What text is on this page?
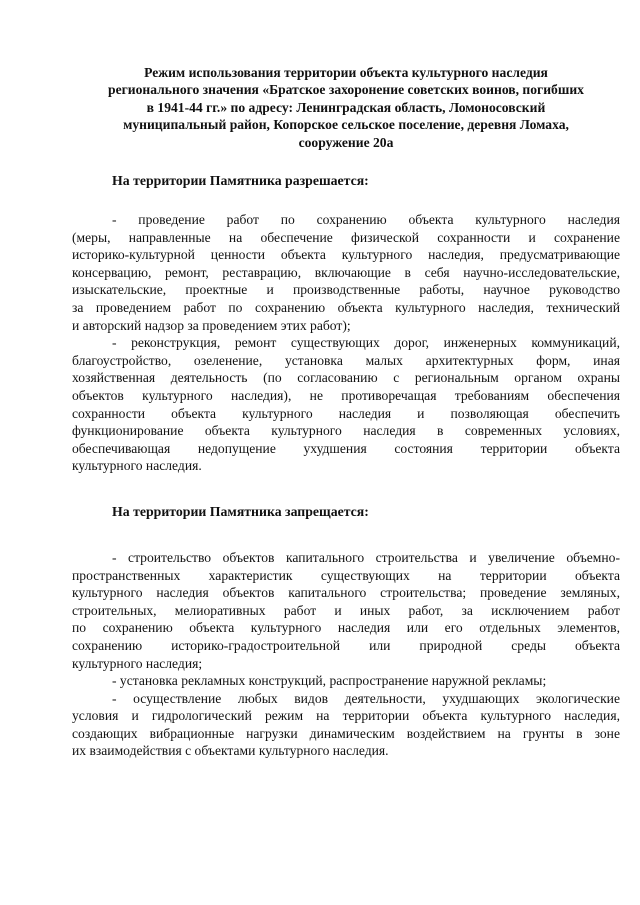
Режим использования территории объекта культурного наследия
регионального значения «Братское захоронение советских воинов, погибших
в 1941-44 гг.» по адресу: Ленинградская область, Ломоносовский
муниципальный район, Копорское сельское поселение, деревня Ломаха,
сооружение 20а
На территории Памятника разрешается:
- проведение работ по сохранению объекта культурного наследия
(меры, направленные на обеспечение физической сохранности и сохранение
историко-культурной ценности объекта культурного наследия, предусматривающие
консервацию, ремонт, реставрацию, включающие в себя научно-исследовательские,
изыскательские, проектные и производственные работы, научное руководство
за проведением работ по сохранению объекта культурного наследия, технический
и авторский надзор за проведением этих работ);
- реконструкция, ремонт существующих дорог, инженерных коммуникаций,
благоустройство, озеленение, установка малых архитектурных форм, иная
хозяйственная деятельность (по согласованию с региональным органом охраны
объектов культурного наследия), не противоречащая требованиям обеспечения
сохранности объекта культурного наследия и позволяющая обеспечить
функционирование объекта культурного наследия в современных условиях,
обеспечивающая недопущение ухудшения состояния территории объекта
культурного наследия.
На территории Памятника запрещается:
- строительство объектов капитального строительства и увеличение объемно-
пространственных характеристик существующих на территории объекта
культурного наследия объектов капитального строительства; проведение земляных,
строительных, мелиоративных работ и иных работ, за исключением работ
по сохранению объекта культурного наследия или его отдельных элементов,
сохранению историко-градостроительной или природной среды объекта
культурного наследия;
- установка рекламных конструкций, распространение наружной рекламы;
- осуществление любых видов деятельности, ухудшающих экологические
условия и гидрологический режим на территории объекта культурного наследия,
создающих вибрационные нагрузки динамическим воздействием на грунты в зоне
их взаимодействия с объектами культурного наследия.
